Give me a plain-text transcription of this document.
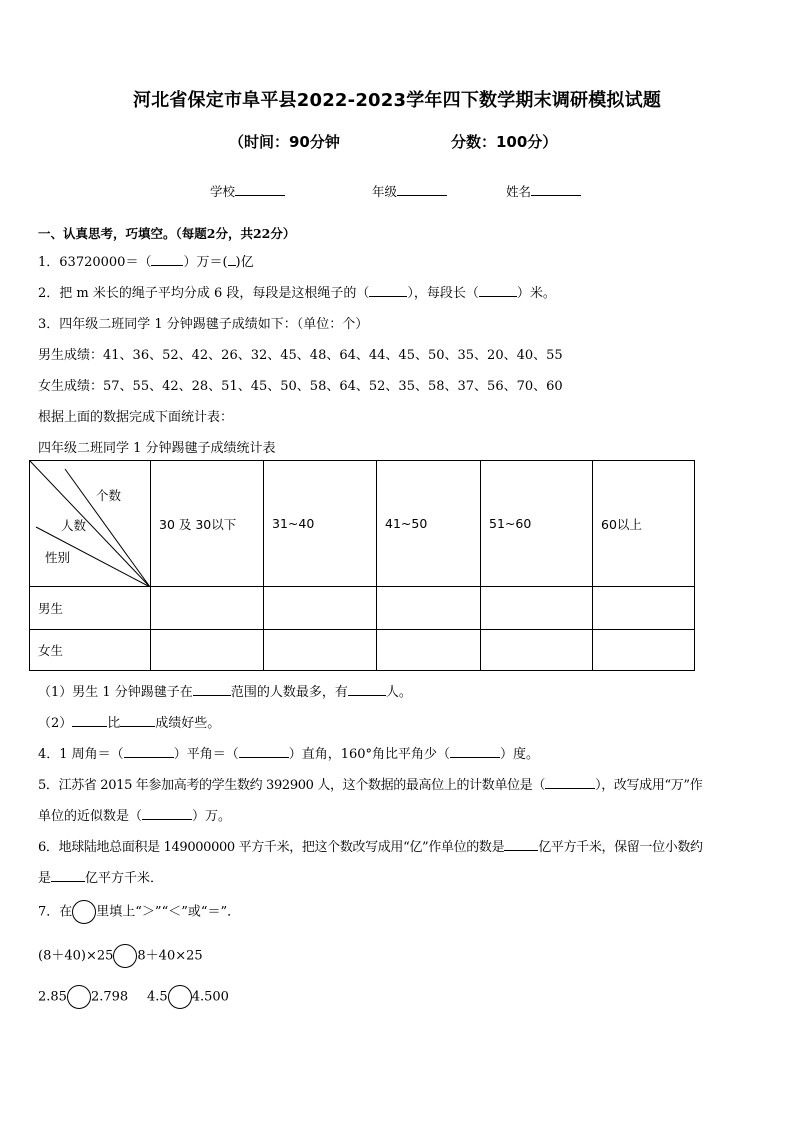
河北省保定市阜平县2022-2023学年四下数学期末调研模拟试题
（时间：90分钟	分数：100分）
学校	年级	姓名
一、认真思考，巧填空。（每题2分，共22分）
1．63720000＝（ ）万＝( )亿
2．把 m 米长的绳子平均分成 6 段，每段是这根绳子的（	），每段长（	）米。
3．四年级二班同学 1 分钟踢毽子成绩如下：（单位：个）
男生成绩：41、36、52、42、26、32、45、48、64、44、45、50、35、20、40、55
女生成绩：57、55、42、28、51、45、50、58、64、52、35、58、37、56、70、60
根据上面的数据完成下面统计表：
四年级二班同学 1 分钟踢毽子成绩统计表
个数
人数
性别	30 及 30以下	31~40	41~50	51~60	60以上
男生					
女生					
（1）男生 1 分钟踢毽子在	范围的人数最多，有	人。
（2）	比	成绩好些。
4．1 周角＝（	）平角＝（	）直角，160°角比平角少（	）度。
5．江苏省 2015 年参加高考的学生数约 392900 人，这个数据的最高位上的计数单位是（	），改写成用“万”作
单位的近似数是（	）万。
6．地球陆地总面积是 149000000 平方千米，把这个数改写成用“亿”作单位的数是	亿平方千米，保留一位小数约
是	亿平方千米．
7．在 里填上“＞”“＜”或“＝”．
(8＋40)×25 8＋40×25
2.85 2.798 4.5 4.500
